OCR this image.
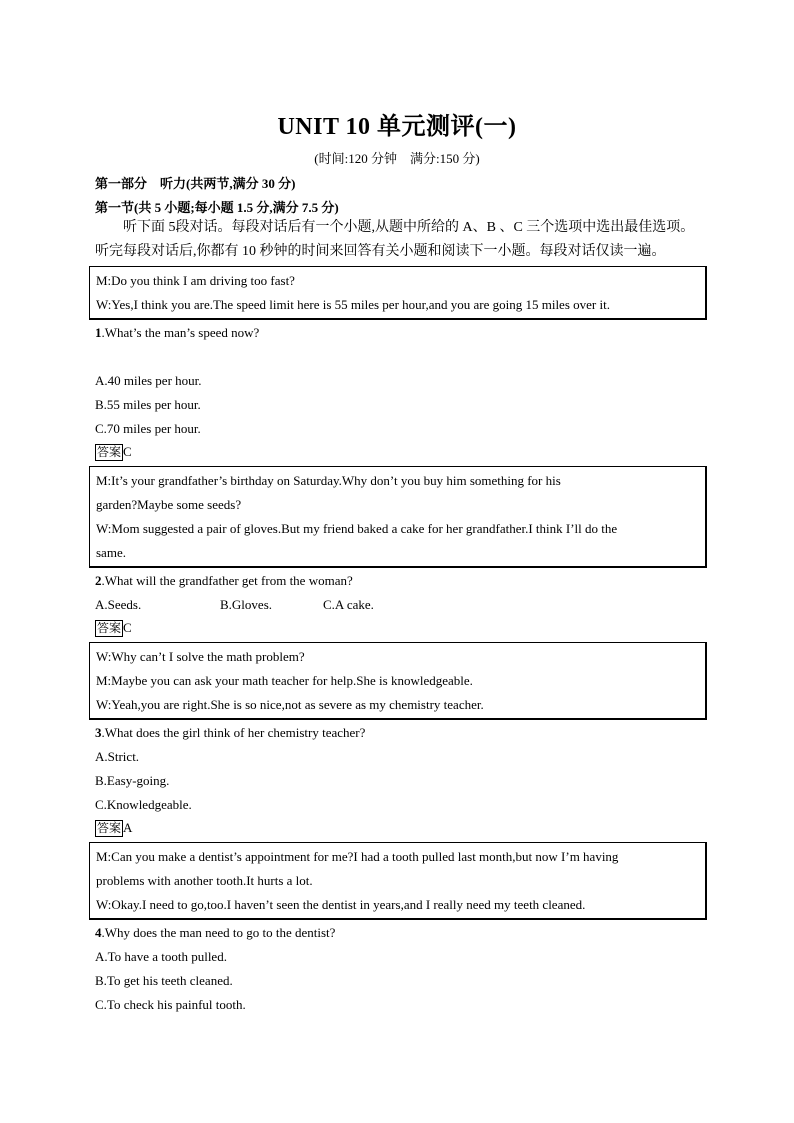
UNIT 10 单元测评(一)
(时间:120 分钟　满分:150 分)
第一部分　听力(共两节,满分 30 分)
第一节(共 5 小题;每小题 1.5 分,满分 7.5 分)
听下面 5段对话。每段对话后有一个小题,从题中所给的 A、B 、C 三个选项中选出最佳选项。听完每段对话后,你都有 10 秒钟的时间来回答有关小题和阅读下一小题。每段对话仅读一遍。
M:Do you think I am driving too fast?
W:Yes,I think you are.The speed limit here is 55 miles per hour,and you are going 15 miles over it.
1.What’s the man’s speed now?
A.40 miles per hour.
B.55 miles per hour.
C.70 miles per hour.
答案 C
M:It’s your grandfather’s birthday on Saturday.Why don’t you buy him something for his
garden?Maybe some seeds?
W:Mom suggested a pair of gloves.But my friend baked a cake for her grandfather.I think I’ll do the
same.
2.What will the grandfather get from the woman?
A.Seeds.	B.Gloves.	C.A cake.
答案 C
W:Why can’t I solve the math problem?
M:Maybe you can ask your math teacher for help.She is knowledgeable.
W:Yeah,you are right.She is so nice,not as severe as my chemistry teacher.
3.What does the girl think of her chemistry teacher?
A.Strict.
B.Easy-going.
C.Knowledgeable.
答案 A
M:Can you make a dentist’s appointment for me?I had a tooth pulled last month,but now I’m having
problems with another tooth.It hurts a lot.
W:Okay.I need to go,too.I haven’t seen the dentist in years,and I really need my teeth cleaned.
4.Why does the man need to go to the dentist?
A.To have a tooth pulled.
B.To get his teeth cleaned.
C.To check his painful tooth.
